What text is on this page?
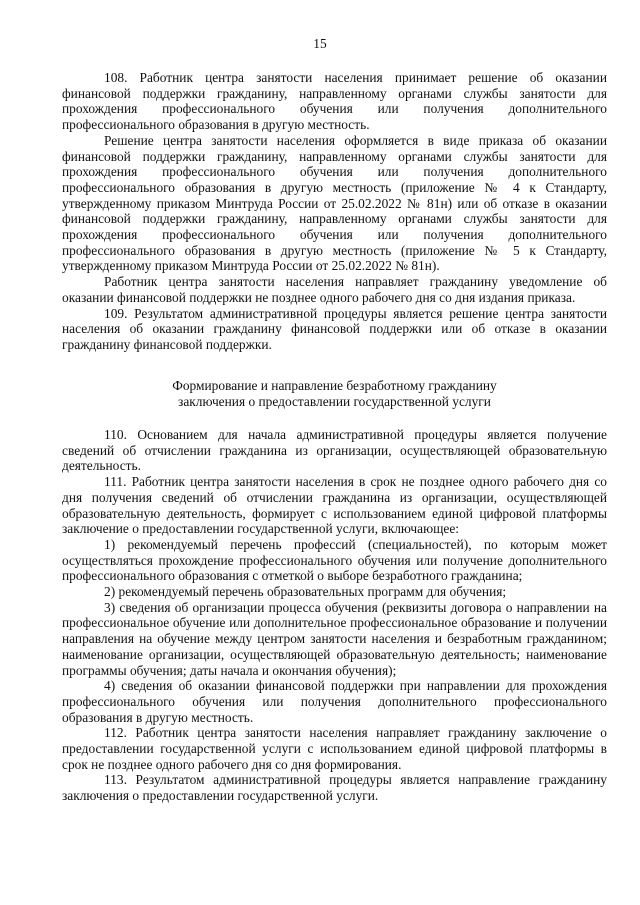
15

108. Работник центра занятости населения принимает решение об оказании финансовой поддержки гражданину, направленному органами службы занятости для прохождения профессионального обучения или получения дополнительного профессионального образования в другую местность.

Решение центра занятости населения оформляется в виде приказа об оказании финансовой поддержки гражданину, направленному органами службы занятости для прохождения профессионального обучения или получения дополнительного профессионального образования в другую местность (приложение № 4 к Стандарту, утвержденному приказом Минтруда России от 25.02.2022 № 81н) или об отказе в оказании финансовой поддержки гражданину, направленному органами службы занятости для прохождения профессионального обучения или получения дополнительного профессионального образования в другую местность (приложение № 5 к Стандарту, утвержденному приказом Минтруда России от 25.02.2022 № 81н).

Работник центра занятости населения направляет гражданину уведомление об оказании финансовой поддержки не позднее одного рабочего дня со дня издания приказа.

109. Результатом административной процедуры является решение центра занятости населения об оказании гражданину финансовой поддержки или об отказе в оказании гражданину финансовой поддержки.

Формирование и направление безработному гражданину

заключения о предоставлении государственной услуги

110. Основанием для начала административной процедуры является получение сведений об отчислении гражданина из организации, осуществляющей образовательную деятельность.

111. Работник центра занятости населения в срок не позднее одного рабочего дня со дня получения сведений об отчислении гражданина из организации, осуществляющей образовательную деятельность, формирует с использованием единой цифровой платформы заключение о предоставлении государственной услуги, включающее:

1) рекомендуемый перечень профессий (специальностей), по которым может осуществляться прохождение профессионального обучения или получение дополнительного профессионального образования с отметкой о выборе безработного гражданина;

2) рекомендуемый перечень образовательных программ для обучения;

3) сведения об организации процесса обучения (реквизиты договора о направлении на профессиональное обучение или дополнительное профессиональное образование и получении направления на обучение между центром занятости населения и безработным гражданином; наименование организации, осуществляющей образовательную деятельность; наименование программы обучения; даты начала и окончания обучения);

4) сведения об оказании финансовой поддержки при направлении для прохождения профессионального обучения или получения дополнительного профессионального образования в другую местность.

112. Работник центра занятости населения направляет гражданину заключение о предоставлении государственной услуги с использованием единой цифровой платформы в срок не позднее одного рабочего дня со дня формирования.

113. Результатом административной процедуры является направление гражданину заключения о предоставлении государственной услуги.
